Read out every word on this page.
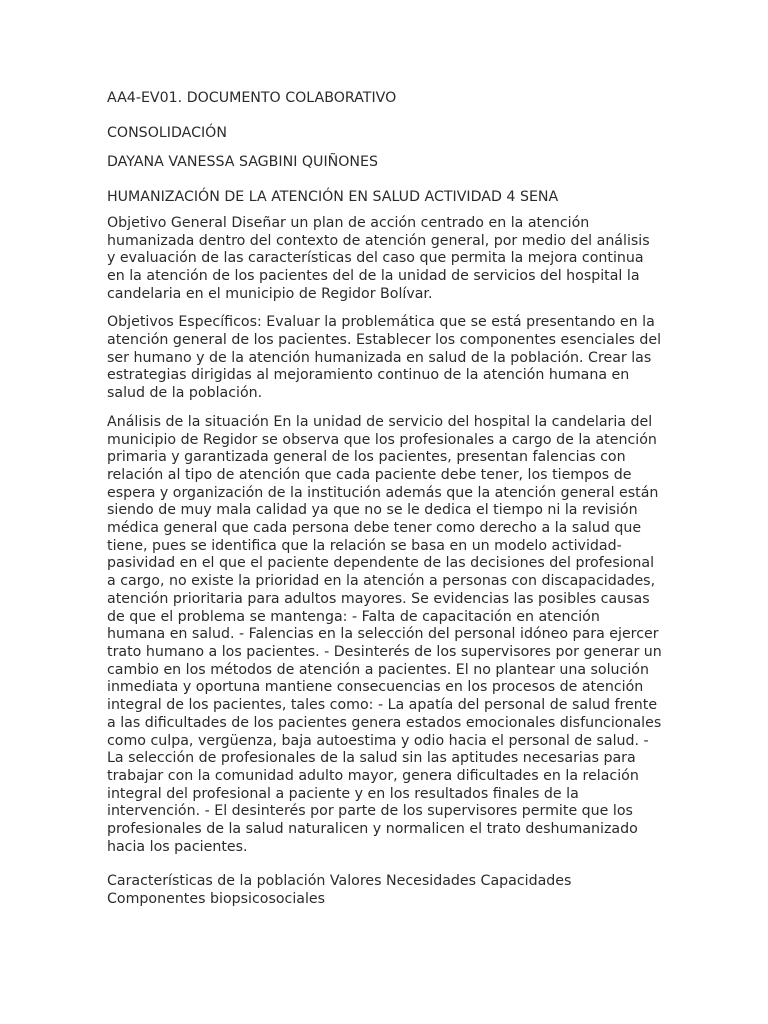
AA4-EV01. DOCUMENTO COLABORATIVO

CONSOLIDACIÓN

DAYANA VANESSA SAGBINI QUIÑONES

HUMANIZACIÓN DE LA ATENCIÓN EN SALUD ACTIVIDAD 4 SENA

Objetivo General Diseñar un plan de acción centrado en la atención humanizada dentro del contexto de atención general, por medio del análisis y evaluación de las características del caso que permita la mejora continua en la atención de los pacientes del de la unidad de servicios del hospital la candelaria en el municipio de Regidor Bolívar.

Objetivos Específicos: Evaluar la problemática que se está presentando en la atención general de los pacientes. Establecer los componentes esenciales del ser humano y de la atención humanizada en salud de la población. Crear las estrategias dirigidas al mejoramiento continuo de la atención humana en salud de la población.

Análisis de la situación En la unidad de servicio del hospital la candelaria del municipio de Regidor se observa que los profesionales a cargo de la atención primaria y garantizada general de los pacientes, presentan falencias con relación al tipo de atención que cada paciente debe tener, los tiempos de espera y organización de la institución además que la atención general están siendo de muy mala calidad ya que no se le dedica el tiempo ni la revisión médica general que cada persona debe tener como derecho a la salud que tiene, pues se identifica que la relación se basa en un modelo actividad-pasividad en el que el paciente dependente de las decisiones del profesional a cargo, no existe la prioridad en la atención a personas con discapacidades, atención prioritaria para adultos mayores. Se evidencias las posibles causas de que el problema se mantenga: - Falta de capacitación en atención humana en salud. - Falencias en la selección del personal idóneo para ejercer trato humano a los pacientes. - Desinterés de los supervisores por generar un cambio en los métodos de atención a pacientes. El no plantear una solución inmediata y oportuna mantiene consecuencias en los procesos de atención integral de los pacientes, tales como: - La apatía del personal de salud frente a las dificultades de los pacientes genera estados emocionales disfuncionales como culpa, vergüenza, baja autoestima y odio hacia el personal de salud. - La selección de profesionales de la salud sin las aptitudes necesarias para trabajar con la comunidad adulto mayor, genera dificultades en la relación integral del profesional a paciente y en los resultados finales de la intervención. - El desinterés por parte de los supervisores permite que los profesionales de la salud naturalicen y normalicen el trato deshumanizado hacia los pacientes.

Características de la población Valores Necesidades Capacidades Componentes biopsicosociales
